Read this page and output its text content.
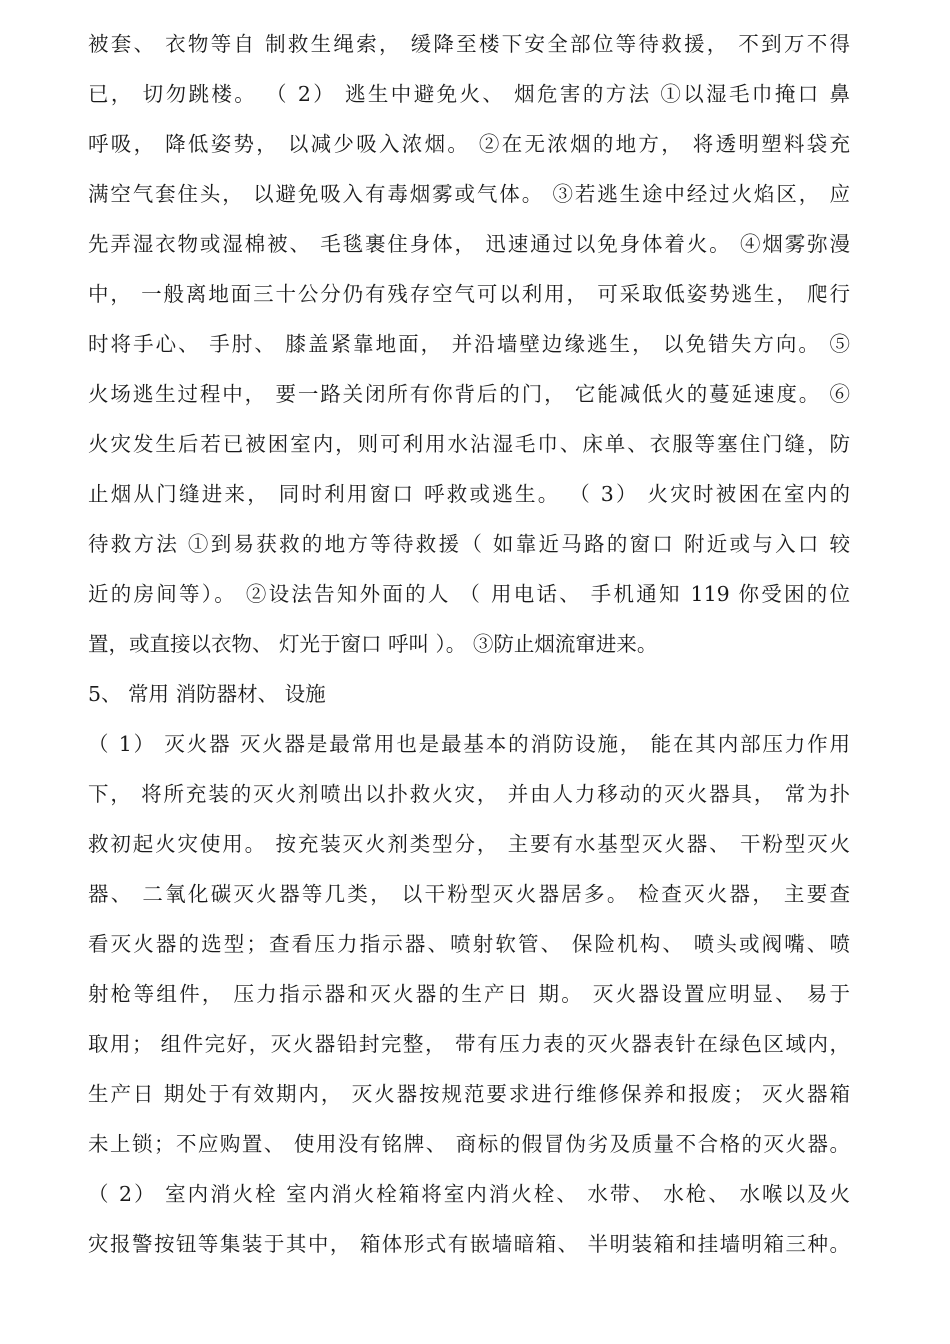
被套、 衣物等自 制救生绳索， 缓降至楼下安全部位等待救援， 不到万不得
已， 切勿跳楼。 （ 2） 逃生中避免火、 烟危害的方法 ①以湿毛巾掩口 鼻
呼吸， 降低姿势， 以减少吸入浓烟。 ②在无浓烟的地方， 将透明塑料袋充
满空气套住头， 以避免吸入有毒烟雾或气体。 ③若逃生途中经过火焰区， 应
先弄湿衣物或湿棉被、 毛毯裹住身体， 迅速通过以免身体着火。 ④烟雾弥漫
中， 一般离地面三十公分仍有残存空气可以利用， 可采取低姿势逃生， 爬行
时将手心、 手肘、 膝盖紧靠地面， 并沿墙壁边缘逃生， 以免错失方向。 ⑤
火场逃生过程中， 要一路关闭所有你背后的门， 它能减低火的蔓延速度。 ⑥
火灾发生后若已被困室内，则可利用水沾湿毛巾、床单、衣服等塞住门缝，防
止烟从门缝进来， 同时利用窗口 呼救或逃生。 （ 3） 火灾时被困在室内的
待救方法 ①到易获救的地方等待救援（ 如靠近马路的窗口 附近或与入口 较
近的房间等）。 ②设法告知外面的人 （ 用电话、 手机通知 119 你受困的位
置，或直接以衣物、 灯光于窗口 呼叫 ）。 ③防止烟流窜进来。
5、 常用 消防器材、 设施
（ 1） 灭火器 灭火器是最常用也是最基本的消防设施， 能在其内部压力作用
下， 将所充装的灭火剂喷出以扑救火灾， 并由人力移动的灭火器具， 常为扑
救初起火灾使用。 按充装灭火剂类型分， 主要有水基型灭火器、 干粉型灭火
器、 二氧化碳灭火器等几类， 以干粉型灭火器居多。 检查灭火器， 主要查
看灭火器的选型；查看压力指示器、喷射软管、 保险机构、 喷头或阀嘴、喷
射枪等组件， 压力指示器和灭火器的生产日 期。 灭火器设置应明显、 易于
取用； 组件完好，灭火器铅封完整， 带有压力表的灭火器表针在绿色区域内，
生产日 期处于有效期内， 灭火器按规范要求进行维修保养和报废； 灭火器箱
未上锁；不应购置、 使用没有铭牌、 商标的假冒伪劣及质量不合格的灭火器。
（ 2） 室内消火栓 室内消火栓箱将室内消火栓、 水带、 水枪、 水喉以及火
灾报警按钮等集装于其中， 箱体形式有嵌墙暗箱、 半明装箱和挂墙明箱三种。
